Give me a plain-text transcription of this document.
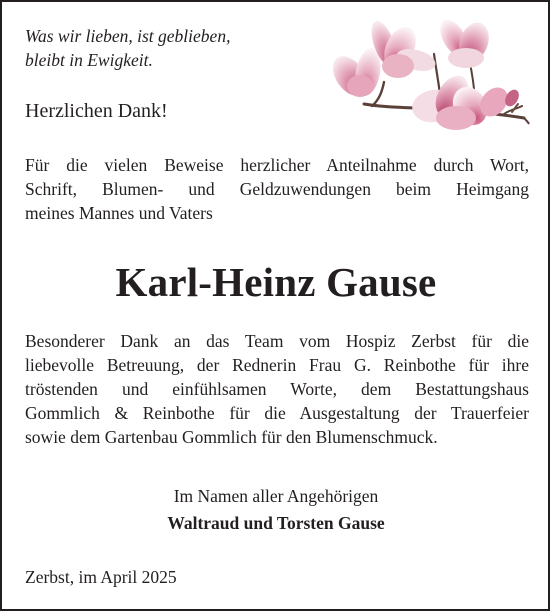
Was wir lieben, ist geblieben,
bleibt in Ewigkeit.
Herzlichen Dank!
Für die vielen Beweise herzlicher Anteilnahme durch Wort,
Schrift, Blumen- und Geldzuwendungen beim Heimgang
meines Mannes und Vaters
Karl-Heinz Gause
Besonderer Dank an das Team vom Hospiz Zerbst für die
liebevolle Betreuung, der Rednerin Frau G. Reinbothe für ihre
tröstenden und einfühlsamen Worte, dem Bestattungshaus
Gommlich & Reinbothe für die Ausgestaltung der Trauerfeier
sowie dem Gartenbau Gommlich für den Blumenschmuck.
Im Namen aller Angehörigen
Waltraud und Torsten Gause
Zerbst, im April 2025
